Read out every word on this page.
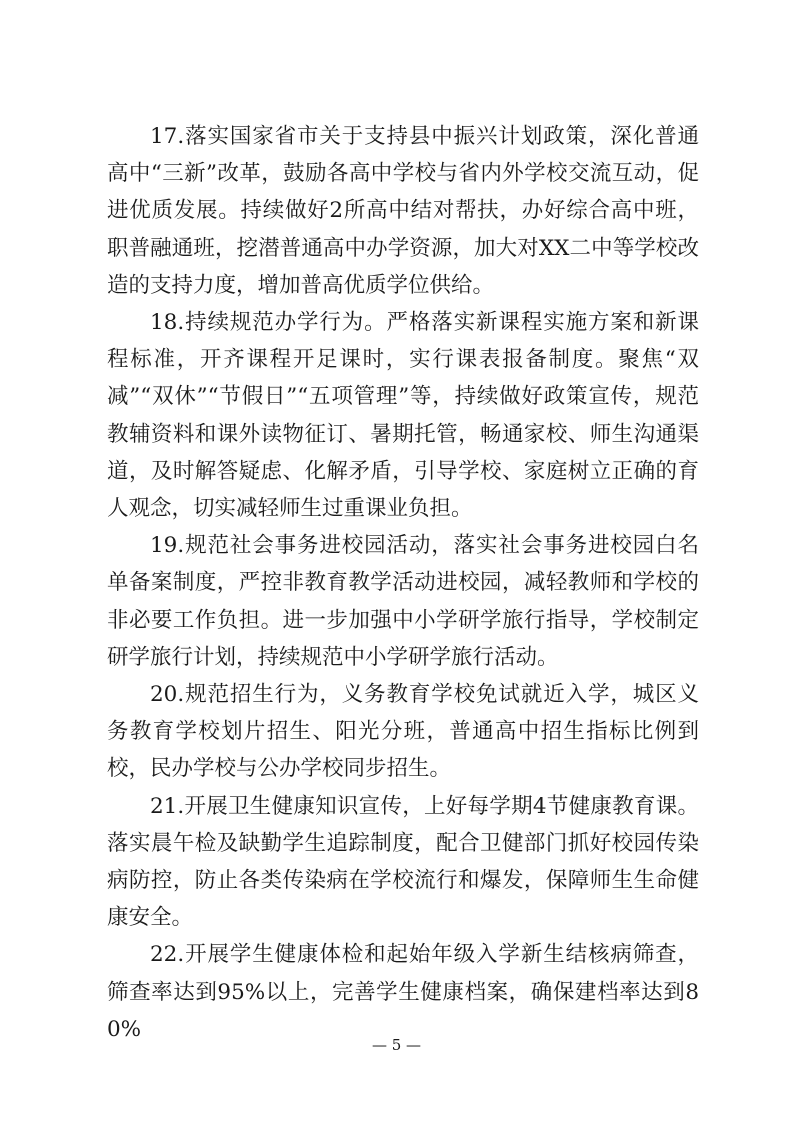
17.落实国家省市关于支持县中振兴计划政策，深化普通高中“三新”改革，鼓励各高中学校与省内外学校交流互动，促进优质发展。持续做好2所高中结对帮扶，办好综合高中班，职普融通班，挖潜普通高中办学资源，加大对XX二中等学校改造的支持力度，增加普高优质学位供给。

18.持续规范办学行为。严格落实新课程实施方案和新课程标准，开齐课程开足课时，实行课表报备制度。聚焦“双减”“双休”“节假日”“五项管理”等，持续做好政策宣传，规范教辅资料和课外读物征订、暑期托管，畅通家校、师生沟通渠道，及时解答疑虑、化解矛盾，引导学校、家庭树立正确的育人观念，切实减轻师生过重课业负担。

19.规范社会事务进校园活动，落实社会事务进校园白名单备案制度，严控非教育教学活动进校园，减轻教师和学校的非必要工作负担。进一步加强中小学研学旅行指导，学校制定研学旅行计划，持续规范中小学研学旅行活动。

20.规范招生行为，义务教育学校免试就近入学，城区义务教育学校划片招生、阳光分班，普通高中招生指标比例到校，民办学校与公办学校同步招生。

21.开展卫生健康知识宣传，上好每学期4节健康教育课。落实晨午检及缺勤学生追踪制度，配合卫健部门抓好校园传染病防控，防止各类传染病在学校流行和爆发，保障师生生命健康安全。

22.开展学生健康体检和起始年级入学新生结核病筛查，筛查率达到95%以上，完善学生健康档案，确保建档率达到80%

— 5 —
